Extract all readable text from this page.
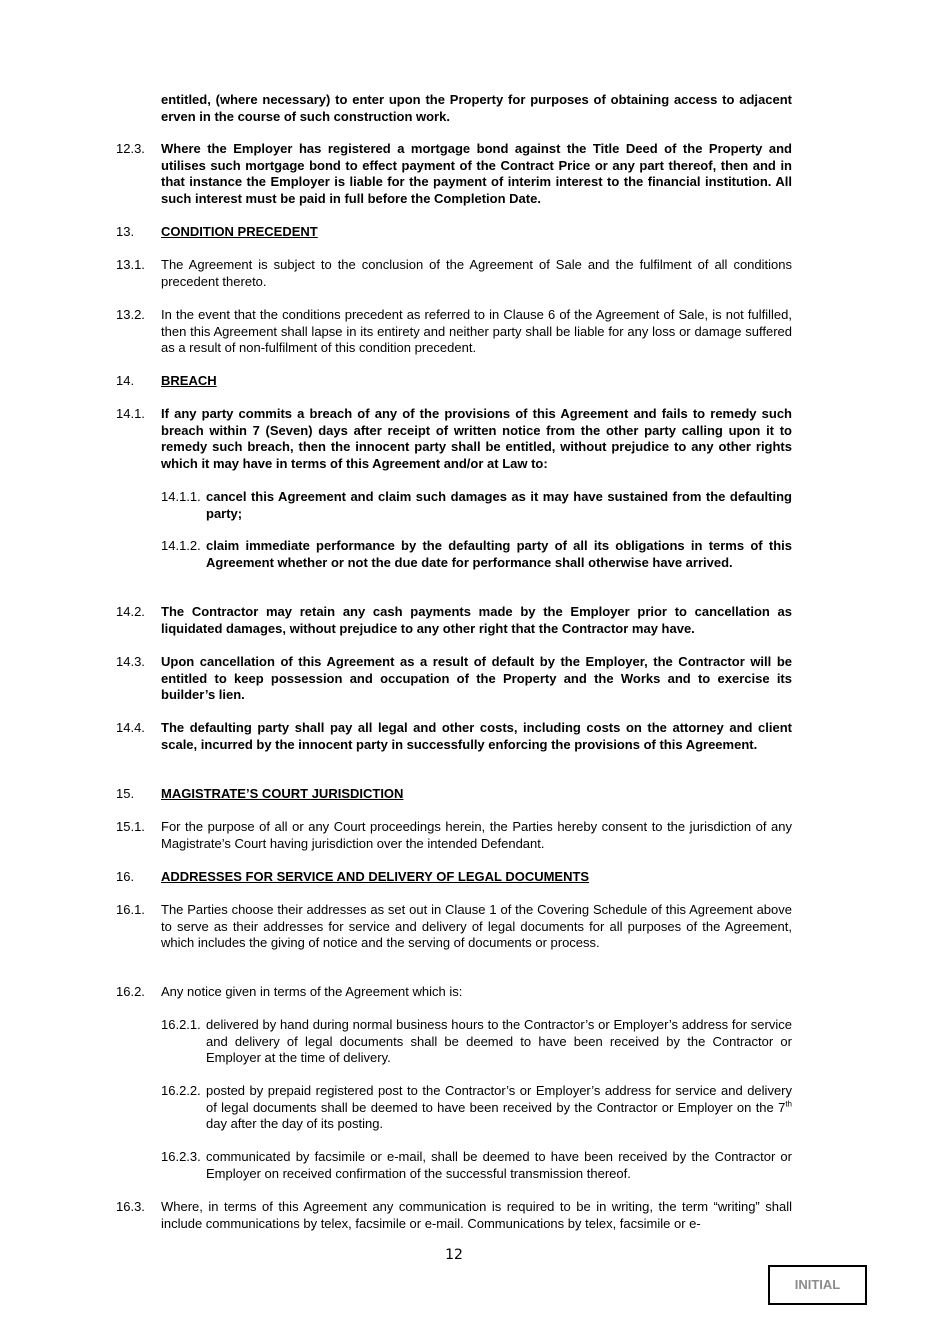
entitled, (where necessary) to enter upon the Property for purposes of obtaining access to adjacent erven in the course of such construction work.
12.3. Where the Employer has registered a mortgage bond against the Title Deed of the Property and utilises such mortgage bond to effect payment of the Contract Price or any part thereof, then and in that instance the Employer is liable for the payment of interim interest to the financial institution. All such interest must be paid in full before the Completion Date.
13. CONDITION PRECEDENT
13.1. The Agreement is subject to the conclusion of the Agreement of Sale and the fulfilment of all conditions precedent thereto.
13.2. In the event that the conditions precedent as referred to in Clause 6 of the Agreement of Sale, is not fulfilled, then this Agreement shall lapse in its entirety and neither party shall be liable for any loss or damage suffered as a result of non-fulfilment of this condition precedent.
14. BREACH
14.1. If any party commits a breach of any of the provisions of this Agreement and fails to remedy such breach within 7 (Seven) days after receipt of written notice from the other party calling upon it to remedy such breach, then the innocent party shall be entitled, without prejudice to any other rights which it may have in terms of this Agreement and/or at Law to:
14.1.1. cancel this Agreement and claim such damages as it may have sustained from the defaulting party;
14.1.2. claim immediate performance by the defaulting party of all its obligations in terms of this Agreement whether or not the due date for performance shall otherwise have arrived.
14.2. The Contractor may retain any cash payments made by the Employer prior to cancellation as liquidated damages, without prejudice to any other right that the Contractor may have.
14.3. Upon cancellation of this Agreement as a result of default by the Employer, the Contractor will be entitled to keep possession and occupation of the Property and the Works and to exercise its builder’s lien.
14.4. The defaulting party shall pay all legal and other costs, including costs on the attorney and client scale, incurred by the innocent party in successfully enforcing the provisions of this Agreement.
15. MAGISTRATE’S COURT JURISDICTION
15.1. For the purpose of all or any Court proceedings herein, the Parties hereby consent to the jurisdiction of any Magistrate’s Court having jurisdiction over the intended Defendant.
16. ADDRESSES FOR SERVICE AND DELIVERY OF LEGAL DOCUMENTS
16.1. The Parties choose their addresses as set out in Clause 1 of the Covering Schedule of this Agreement above to serve as their addresses for service and delivery of legal documents for all purposes of the Agreement, which includes the giving of notice and the serving of documents or process.
16.2. Any notice given in terms of the Agreement which is:
16.2.1. delivered by hand during normal business hours to the Contractor’s or Employer’s address for service and delivery of legal documents shall be deemed to have been received by the Contractor or Employer at the time of delivery.
16.2.2. posted by prepaid registered post to the Contractor’s or Employer’s address for service and delivery of legal documents shall be deemed to have been received by the Contractor or Employer on the 7th day after the day of its posting.
16.2.3. communicated by facsimile or e-mail, shall be deemed to have been received by the Contractor or Employer on received confirmation of the successful transmission thereof.
16.3. Where, in terms of this Agreement any communication is required to be in writing, the term “writing” shall include communications by telex, facsimile or e-mail. Communications by telex, facsimile or e-
12
INITIAL
